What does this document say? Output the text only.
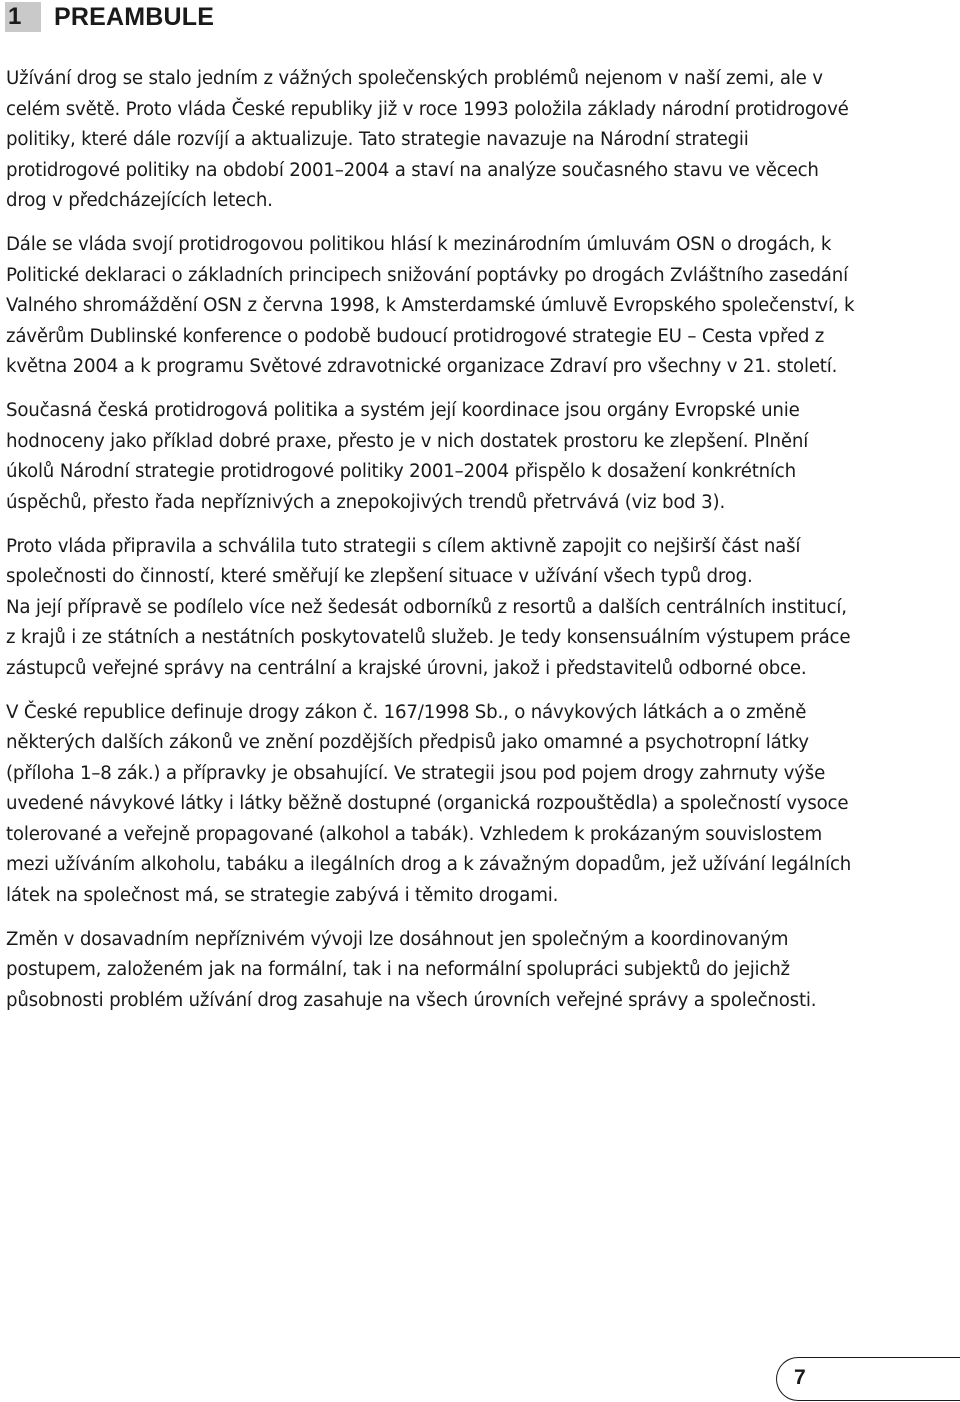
1	PREAMBULE

Užívání drog se stalo jedním z vážných společenských problémů nejenom v naší zemi, ale v celém světě. Proto vláda České republiky již v roce 1993 položila základy národní protidrogové politiky, které dále rozvíjí a aktualizuje. Tato strategie navazuje na Národní strategii protidrogové politiky na období 2001–2004 a staví na analýze současného stavu ve věcech drog v předcházejících letech.

Dále se vláda svojí protidrogovou politikou hlásí k mezinárodním úmluvám OSN o drogách, k Politické deklaraci o základních principech snižování poptávky po drogách Zvláštního zasedání Valného shromáždění OSN z června 1998, k Amsterdamské úmluvě Evropského společenství, k závěrům Dublinské konference o podobě budoucí protidrogové strategie EU – Cesta vpřed z května 2004 a k programu Světové zdravotnické organizace Zdraví pro všechny v 21. století.

Současná česká protidrogová politika a systém její koordinace jsou orgány Evropské unie hodnoceny jako příklad dobré praxe, přesto je v nich dostatek prostoru ke zlepšení. Plnění úkolů Národní strategie protidrogové politiky 2001–2004 přispělo k dosažení konkrétních úspěchů, přesto řada nepříznivých a znepokojivých trendů přetrvává (viz bod 3).

Proto vláda připravila a schválila tuto strategii s cílem aktivně zapojit co nejširší část naší společnosti do činností, které směřují ke zlepšení situace v užívání všech typů drog.

Na její přípravě se podílelo více než šedesát odborníků z resortů a dalších centrálních institucí, z krajů i ze státních a nestátních poskytovatelů služeb. Je tedy konsensuálním výstupem práce zástupců veřejné správy na centrální a krajské úrovni, jakož i představitelů odborné obce.

V České republice definuje drogy zákon č. 167/1998 Sb., o návykových látkách a o změně některých dalších zákonů ve znění pozdějších předpisů jako omamné a psychotropní látky (příloha 1–8 zák.) a přípravky je obsahující. Ve strategii jsou pod pojem drogy zahrnuty výše uvedené návykové látky i látky běžně dostupné (organická rozpouštědla) a společností vysoce tolerované a veřejně propagované (alkohol a tabák). Vzhledem k prokázaným souvislostem mezi užíváním alkoholu, tabáku a ilegálních drog a k závažným dopadům, jež užívání legálních látek na společnost má, se strategie zabývá i těmito drogami.

Změn v dosavadním nepříznivém vývoji lze dosáhnout jen společným a koordinovaným postupem, založeném jak na formální, tak i na neformální spolupráci subjektů do jejichž působnosti problém užívání drog zasahuje na všech úrovních veřejné správy a společnosti.

7
